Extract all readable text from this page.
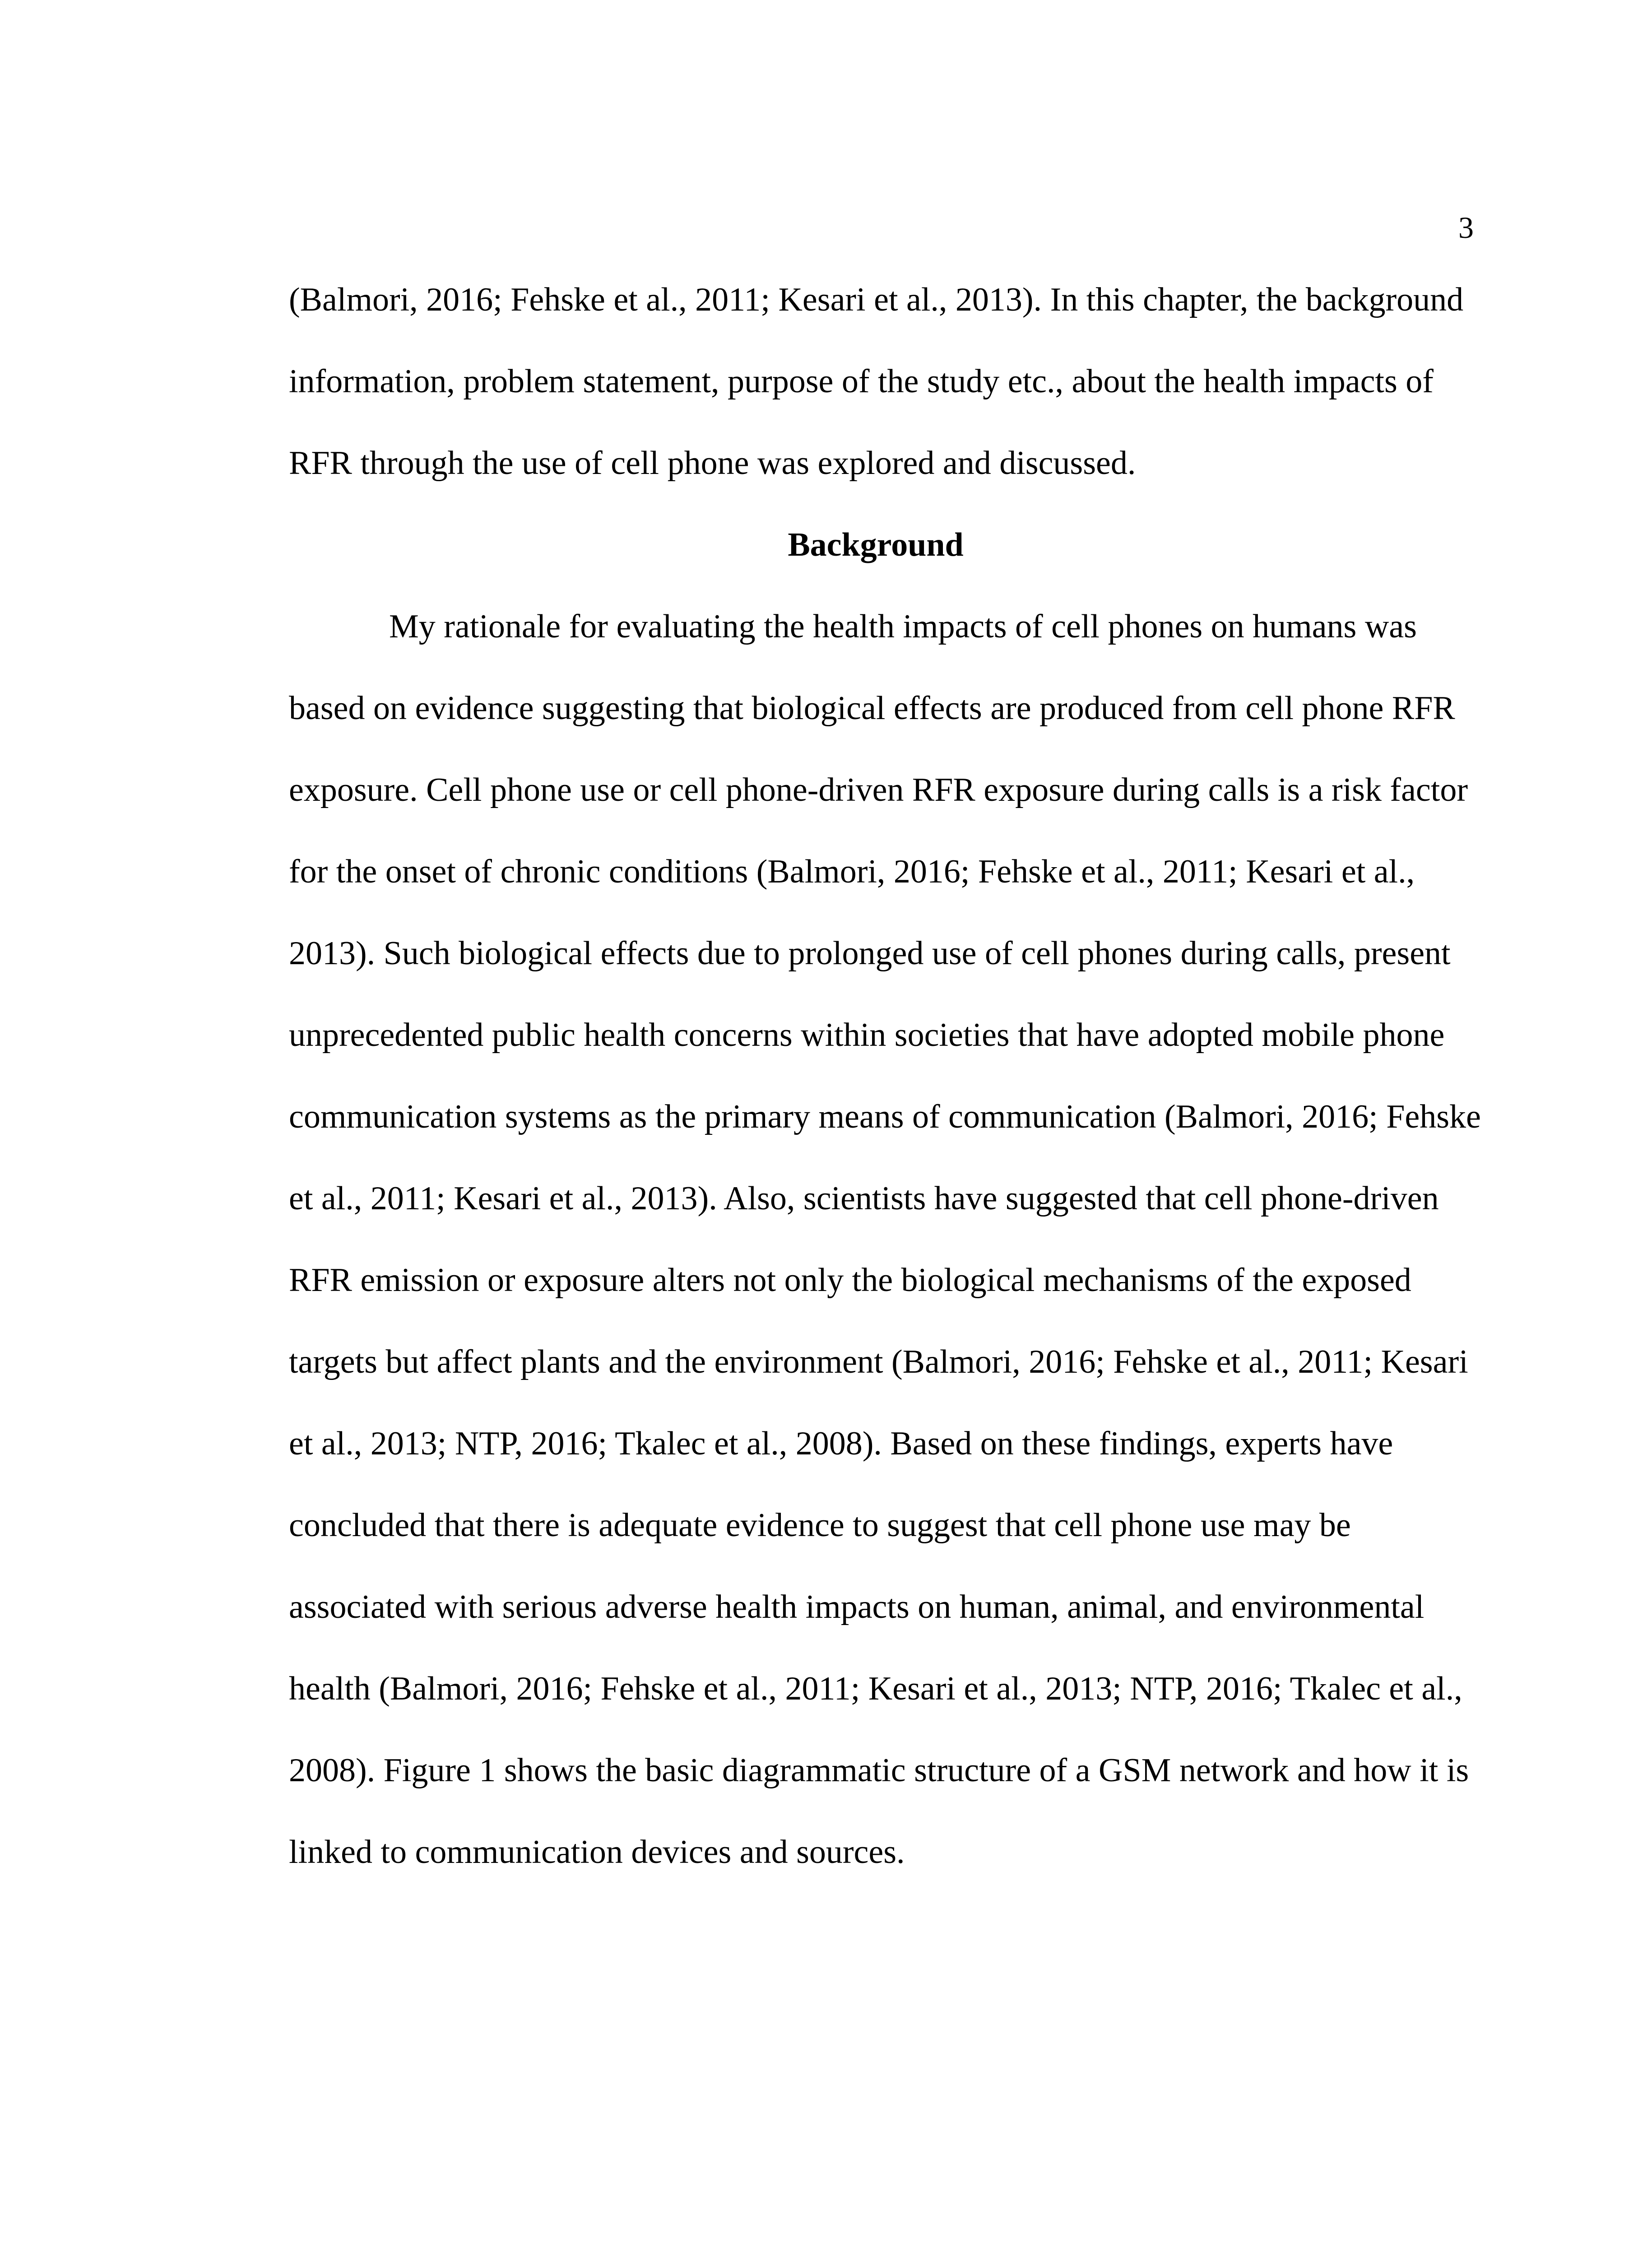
3
(Balmori, 2016; Fehske et al., 2011; Kesari et al., 2013). In this chapter, the background
information, problem statement, purpose of the study etc., about the health impacts of
RFR through the use of cell phone was explored and discussed.
Background
My rationale for evaluating the health impacts of cell phones on humans was
based on evidence suggesting that biological effects are produced from cell phone RFR
exposure. Cell phone use or cell phone-driven RFR exposure during calls is a risk factor
for the onset of chronic conditions (Balmori, 2016; Fehske et al., 2011; Kesari et al.,
2013). Such biological effects due to prolonged use of cell phones during calls, present
unprecedented public health concerns within societies that have adopted mobile phone
communication systems as the primary means of communication (Balmori, 2016; Fehske
et al., 2011; Kesari et al., 2013). Also, scientists have suggested that cell phone-driven
RFR emission or exposure alters not only the biological mechanisms of the exposed
targets but affect plants and the environment (Balmori, 2016; Fehske et al., 2011; Kesari
et al., 2013; NTP, 2016; Tkalec et al., 2008). Based on these findings, experts have
concluded that there is adequate evidence to suggest that cell phone use may be
associated with serious adverse health impacts on human, animal, and environmental
health (Balmori, 2016; Fehske et al., 2011; Kesari et al., 2013; NTP, 2016; Tkalec et al.,
2008). Figure 1 shows the basic diagrammatic structure of a GSM network and how it is
linked to communication devices and sources.
